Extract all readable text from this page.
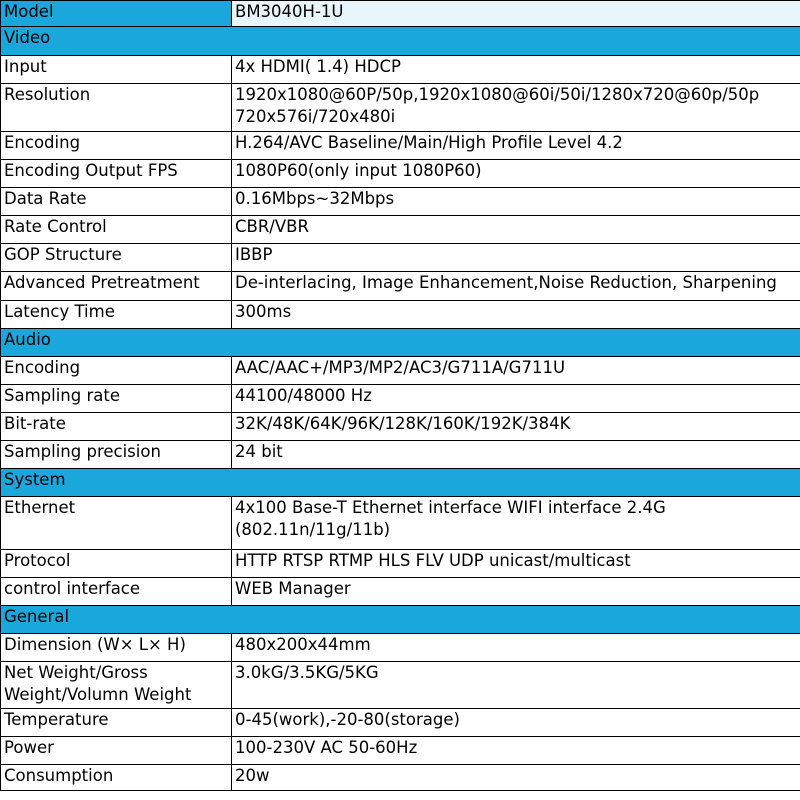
Model	BM3040H-1U
Video	
Input	4x HDMI( 1.4) HDCP
Resolution	1920x1080@60P/50p,1920x1080@60i/50i/1280x720@60p/50p 720x576i/720x480i
Encoding	H.264/AVC Baseline/Main/High Profile Level 4.2
Encoding Output FPS	1080P60(only input 1080P60)
Data Rate	0.16Mbps~32Mbps
Rate Control	CBR/VBR
GOP Structure	IBBP
Advanced Pretreatment	De-interlacing, Image Enhancement,Noise Reduction, Sharpening
Latency Time	300ms
Audio	
Encoding	AAC/AAC+/MP3/MP2/AC3/G711A/G711U
Sampling rate	44100/48000 Hz
Bit-rate	32K/48K/64K/96K/128K/160K/192K/384K
Sampling precision	24 bit
System	
Ethernet	4x100 Base-T Ethernet interface WIFI interface 2.4G (802.11n/11g/11b)
Protocol	HTTP RTSP RTMP HLS FLV UDP unicast/multicast
control interface	WEB Manager
General	
Dimension (W× L× H)	480x200x44mm
Net Weight/Gross Weight/Volumn Weight	3.0kG/3.5KG/5KG
Temperature	0-45(work),-20-80(storage)
Power	100-230V AC 50-60Hz
Consumption	20w
